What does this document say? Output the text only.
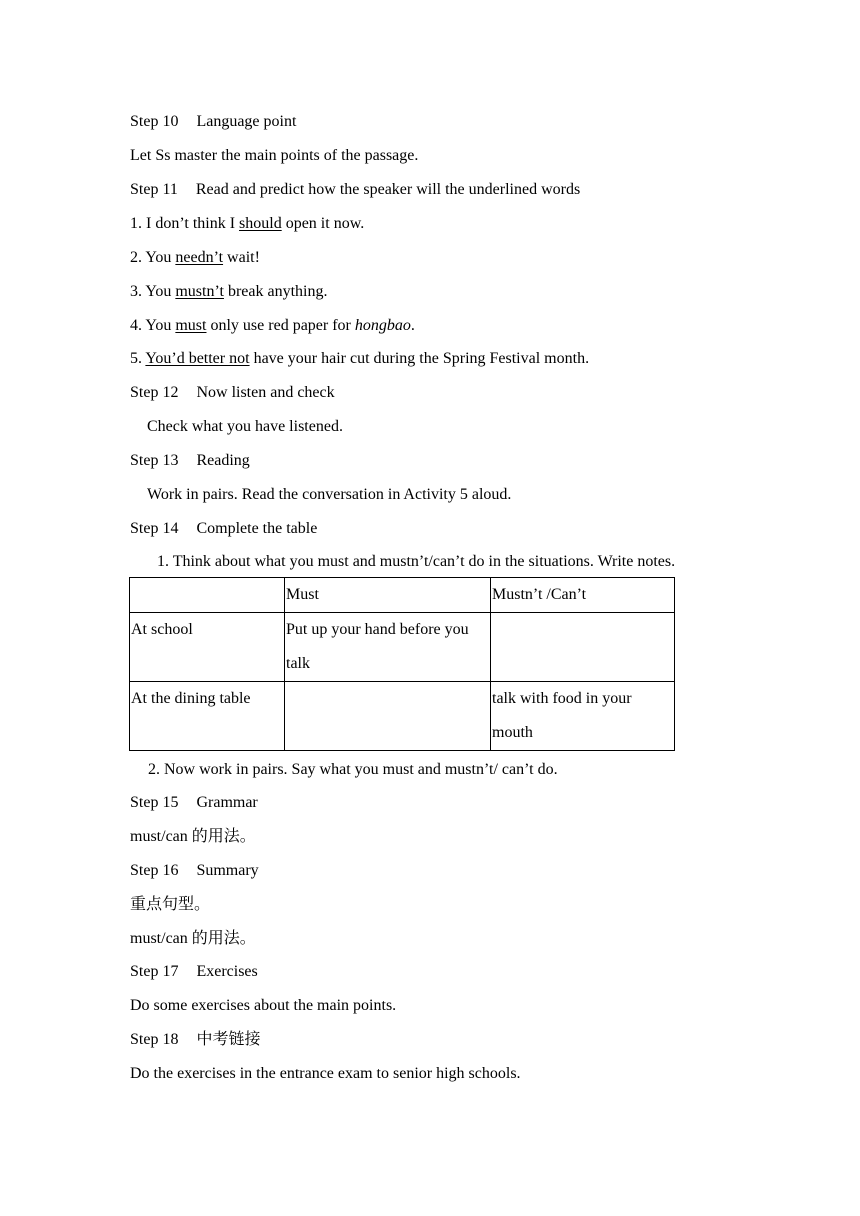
Step 10 Language point
Let Ss master the main points of the passage.
Step 11 Read and predict how the speaker will the underlined words
1. I don’t think I should open it now.
2. You needn’t wait!
3. You mustn’t break anything.
4. You must only use red paper for hongbao.
5. You’d better not have your hair cut during the Spring Festival month.
Step 12 Now listen and check
Check what you have listened.
Step 13 Reading
Work in pairs. Read the conversation in Activity 5 aloud.
Step 14 Complete the table
1. Think about what you must and mustn’t/can’t do in the situations. Write notes.
	Must	Mustn’t /Can’t
At school	Put up your hand before you talk	
At the dining table		talk with food in your mouth
2. Now work in pairs. Say what you must and mustn’t/ can’t do.
Step 15 Grammar
must/can 的用法。
Step 16 Summary
重点句型。
must/can 的用法。
Step 17 Exercises
Do some exercises about the main points.
Step 18 中考链接
Do the exercises in the entrance exam to senior high schools.
